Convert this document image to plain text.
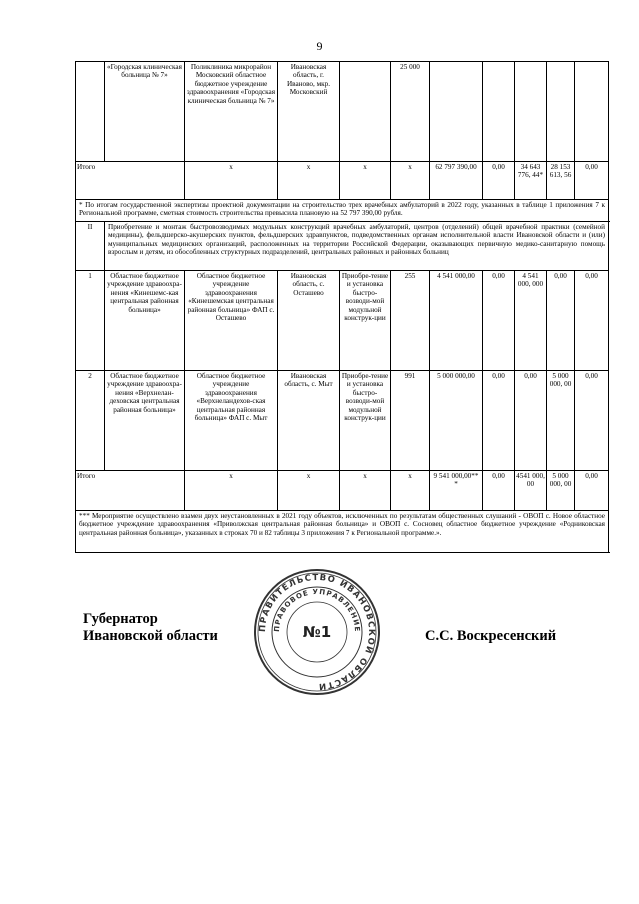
9
	«Городская клиническая больница № 7»	Поликлиника микрорайон Московский областное бюджетное учреждение здравоохранения «Городская клиническая больница № 7»	Ивановская область, г. Иваново, мкр. Московский		25 000						
Итого		х	х	х	х	62 797 390,00	0,00	34 643 776, 44*	28 153 613, 56	0,00	
* По итогам государственной экспертизы проектной документации на строительство трех врачебных амбулаторий в 2022 году, указанных в таблице 1 приложения 7 к Региональной программе, сметная стоимость строительства превысила плановую на 52 797 390,00 рубля.											
II	Приобретение и монтаж быстровозводимых модульных конструкций врачебных амбулаторий, центров (отделений) общей врачебной практики (семейной медицины), фельдшерско-акушерских пунктов, фельдшерских здравпунктов, подведомственных органам исполнительной власти Ивановской области и (или) муниципальных медицинских организаций, расположенных на территории Российской Федерации, оказывающих первичную медико-санитарную помощь взрослым и детям, из обособленных структурных подразделений, центральных районных и районных больниц										
1	Областное бюджетное учреждение здравоохра-нения «Кинешемс-кая центральная районная больница»	Областное бюджетное учреждение здравоохранения «Кинешемская центральная районная больница» ФАП с. Осташево	Ивановская область, с. Осташево	Приобре-тение и установка быстро-возводи-мой модульной конструк-ции	255	4 541 000,00	0,00	4 541 000, 000	0,00	0,00	
2	Областное бюджетное учреждение здравоохра-нения «Верхнелан-деховская центральная районная больница»	Областное бюджетное учреждение здравоохранения «Верхнеландехов-ская центральная районная больница» ФАП с. Мыт	Ивановская область, с. Мыт	Приобре-тение и установка быстро-возводи-мой модульной конструк-ции	991	5 000 000,00	0,00	0,00	5 000 000, 00	0,00	
Итого		х	х	х	х	9 541 000,00** *	0,00	4541 000, 00	5 000 000, 00	0,00	
*** Мероприятие осуществлено взамен двух неустановленных в 2021 году объектов, исключенных по результатам общественных слушаний - ОВОП с. Новое областное бюджетное учреждение здравоохранения «Приволжская центральная районная больница» и ОВОП с. Сосновец областное бюджетное учреждение «Родниковская центральная районная больница», указанных в строках 70 и 82 таблицы 3 приложения 7 к Региональной программе.».											
Губернатор
Ивановской области	С.С. Воскресенский
ПРАВИТЕЛЬСТВО ИВАНОВСКОЙ ОБЛАСТИ
ПРАВОВОЕ УПРАВЛЕНИЕ
№1
